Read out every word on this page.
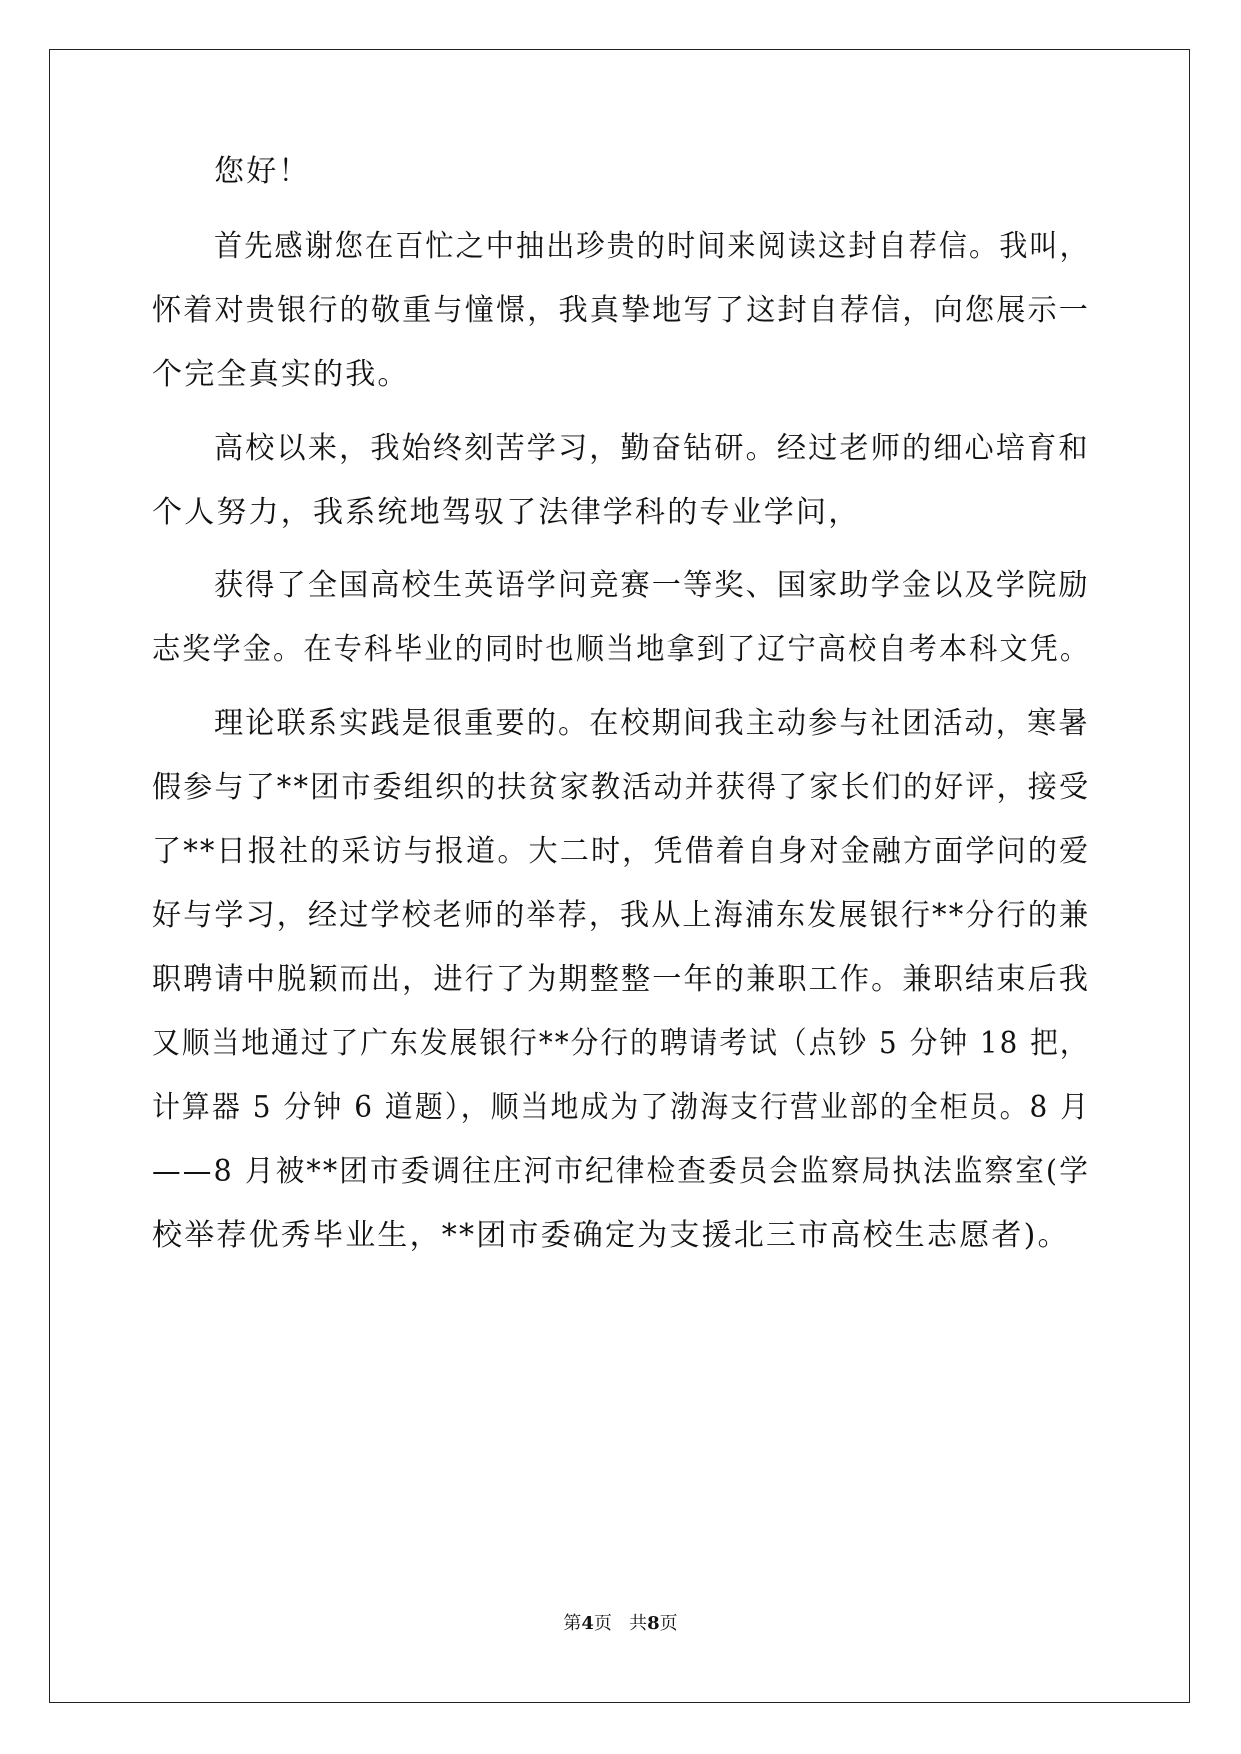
您好！
首先感谢您在百忙之中抽出珍贵的时间来阅读这封自荐信。我叫，
怀着对贵银行的敬重与憧憬，我真挚地写了这封自荐信，向您展示一
个完全真实的我。
高校以来，我始终刻苦学习，勤奋钻研。经过老师的细心培育和
个人努力，我系统地驾驭了法律学科的专业学问，
获得了全国高校生英语学问竞赛一等奖、国家助学金以及学院励
志奖学金。在专科毕业的同时也顺当地拿到了辽宁高校自考本科文凭。
理论联系实践是很重要的。在校期间我主动参与社团活动，寒暑
假参与了**团市委组织的扶贫家教活动并获得了家长们的好评，接受
了**日报社的采访与报道。大二时，凭借着自身对金融方面学问的爱
好与学习，经过学校老师的举荐，我从上海浦东发展银行**分行的兼
职聘请中脱颖而出，进行了为期整整一年的兼职工作。兼职结束后我
又顺当地通过了广东发展银行**分行的聘请考试（点钞 5 分钟 18 把，
计算器 5 分钟 6 道题），顺当地成为了渤海支行营业部的全柜员。8 月
——8 月被**团市委调往庄河市纪律检查委员会监察局执法监察室(学
校举荐优秀毕业生，**团市委确定为支援北三市高校生志愿者)。
第4页   共8页
